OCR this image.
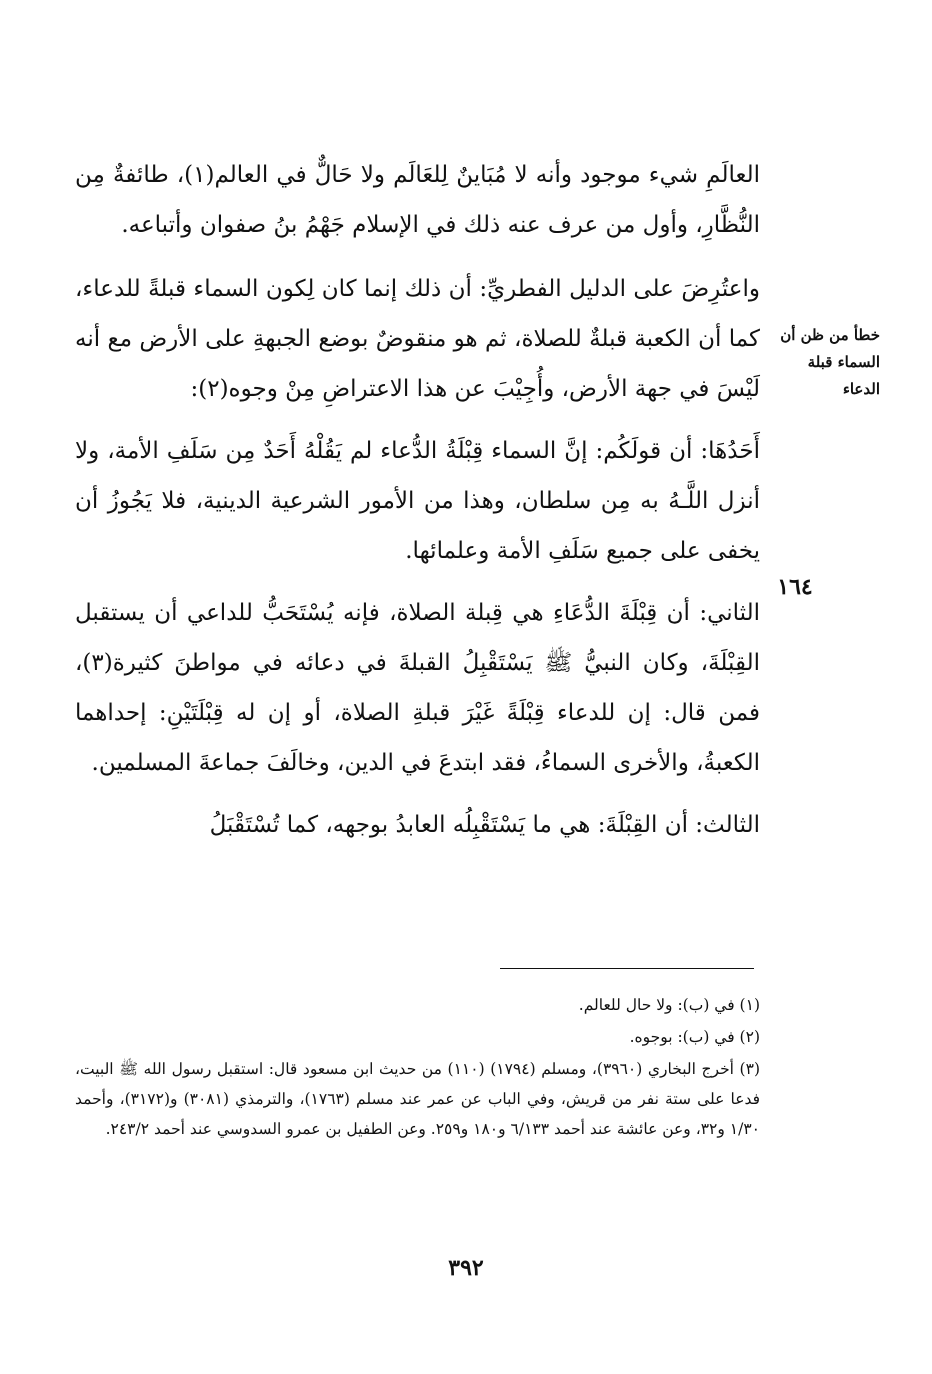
العالَمِ شيء موجود وأنه لا مُبَاينٌ لِلعَالَم ولا حَالٌّ في العالم(١)، طائفةٌ مِن النُّظَّارِ، وأول من عرف عنه ذلك في الإسلام جَهْمُ بنُ صفوان وأتباعه.

واعتُرِضَ على الدليل الفطريِّ: أن ذلك إنما كان لِكون السماء قبلةً للدعاء، كما أن الكعبة قبلةٌ للصلاة، ثم هو منقوضٌ بوضع الجبهةِ على الأرض مع أنه لَيْسَ في جهة الأرض، وأُجِيْبَ عن هذا الاعتراضِ مِنْ وجوه(٢):

أَحَدُهَا: أن قولَكُم: إنَّ السماء قِبْلَةُ الدُّعاء لم يَقُلْهُ أَحَدٌ مِن سَلَفِ الأمة، ولا أنزل اللَّـهُ به مِن سلطان، وهذا من الأمور الشرعية الدينية، فلا يَجُوزُ أن يخفى على جميع سَلَفِ الأمة وعلمائها.

الثاني: أن قِبْلَةَ الدُّعَاءِ هي قِبلة الصلاة، فإنه يُسْتَحَبُّ للداعي أن يستقبل القِبْلَةَ، وكان النبيُّ ﷺ يَسْتَقْبِلُ القبلةَ في دعائه في مواطنَ كثيرة(٣)، فمن قال: إن للدعاء قِبْلَةً غَيْرَ قبلةِ الصلاة، أو إن له قِبْلَتَيْنِ: إحداهما الكعبةُ، والأخرى السماءُ، فقد ابتدعَ في الدين، وخالَفَ جماعةَ المسلمين.

الثالث: أن القِبْلَةَ: هي ما يَسْتَقْبِلُه العابدُ بوجهه، كما تُسْتَقْبَلُ

خطأ من ظن أن السماء قبلة الدعاء
١٦٤

(١) في (ب): ولا حال للعالم.

(٢) في (ب): بوجوه.

(٣) أخرج البخاري (٣٩٦٠)، ومسلم (١٧٩٤) (١١٠) من حديث ابن مسعود قال: استقبل رسول الله ﷺ البيت، فدعا على ستة نفر من قريش، وفي الباب عن عمر عند مسلم (١٧٦٣)، والترمذي (٣٠٨١) و(٣١٧٢)، وأحمد ١/٣٠ و٣٢، وعن عائشة عند أحمد ٦/١٣٣ و١٨٠ و٢٥٩. وعن الطفيل بن عمرو السدوسي عند أحمد ٢٤٣/٢.

٣٩٢
